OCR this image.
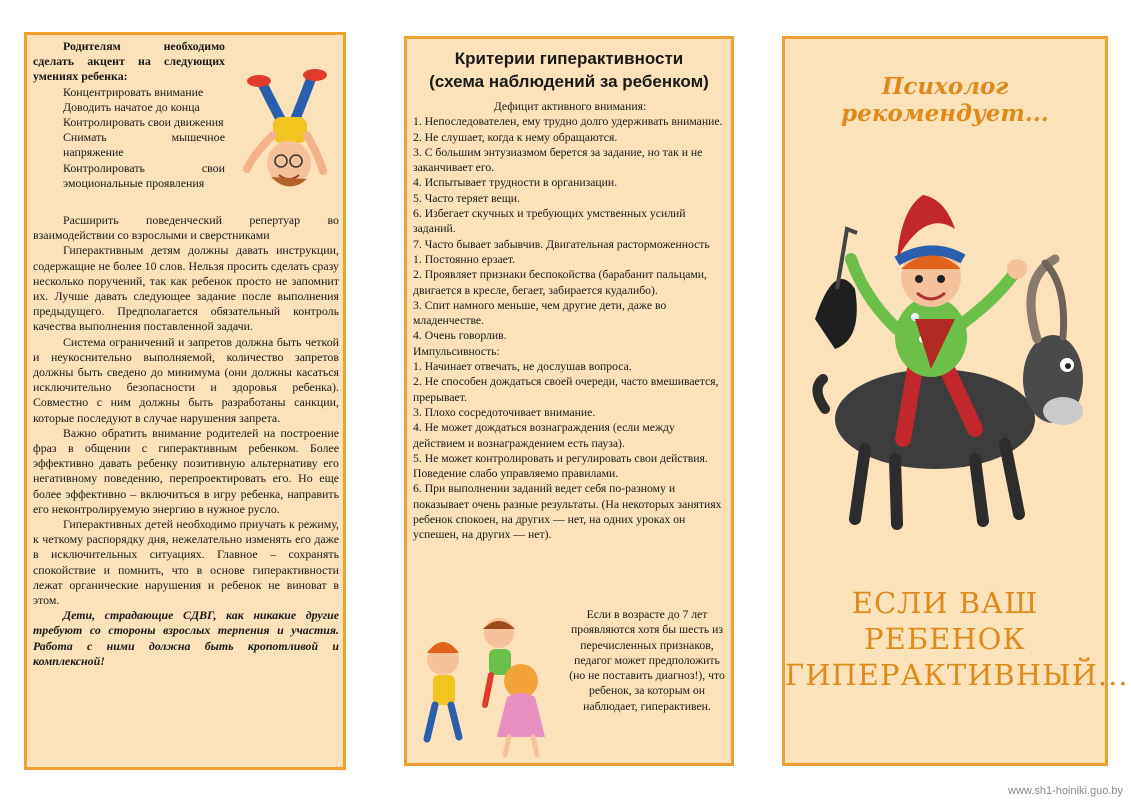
Родителям необходимо сделать акцент на следующих умениях ребенка:

Концентрировать внимание

Доводить начатое до конца

Контролировать свои движения

Снимать мышечное напряжение

Контролировать свои эмоциональные проявления

Расширить поведенческий репертуар во взаимодействии со взрослыми и сверстниками

Гиперактивным детям должны давать инструкции, содержащие не более 10 слов. Нельзя просить сделать сразу несколько поручений, так как ребенок просто не запомнит их. Лучше давать следующее задание после выполнения предыдущего. Предполагается обязательный контроль качества выполнения поставленной задачи.

Система ограничений и запретов должна быть четкой и неукоснительно выполняемой, количество запретов должны быть сведено до минимума (они должны касаться исключительно безопасности и здоровья ребенка). Совместно с ним должны быть разработаны санкции, которые последуют в случае нарушения запрета.

Важно обратить внимание родителей на построение фраз в общении с гиперактивным ребенком. Более эффективно давать ребенку позитивную альтернативу его негативному поведению, перепроектировать его. Но еще более эффективно – включиться в игру ребенка, направить его неконтролируемую энергию в нужное русло.

Гиперактивных детей необходимо приучать к режиму, к четкому распорядку дня, нежелательно изменять его даже в исключительных ситуациях. Главное – сохранять спокойствие и помнить, что в основе гиперактивности лежат органические нарушения и ребенок не виноват в этом.

Дети, страдающие СДВГ, как никакие другие требуют со стороны взрослых терпения и участия. Работа с ними должна быть кропотливой и комплексной!

Критерии гиперактивности
(схема наблюдений за ребенком)
Дефицит активного внимания:
1. Непоследователен, ему трудно долго удерживать внимание.
2. Не слушает, когда к нему обращаются.
3. С большим энтузиазмом берется за задание, но так и не заканчивает его.
4. Испытывает трудности в организации.
5. Часто теряет вещи.
6. Избегает скучных и требующих умственных усилий заданий.
7. Часто бывает забывчив. Двигательная расторможенность
1. Постоянно ерзает.
2. Проявляет признаки беспокойства (барабанит пальцами, двигается в кресле, бегает, забирается кудалибо).
3. Спит намного меньше, чем другие дети, даже во младенчестве.
4. Очень говорлив.
Импульсивность:
1. Начинает отвечать, не дослушав вопроса.
2. Не способен дождаться своей очереди, часто вмешивается, прерывает.
3. Плохо сосредоточивает внимание.
4. Не может дождаться вознаграждения (если между действием и вознаграждением есть пауза).
5. Не может контролировать и регулировать свои действия. Поведение слабо управляемо правилами.
6. При выполнении заданий ведет себя по-разному и показывает очень разные результаты. (На некоторых занятиях ребенок спокоен, на других — нет, на одних уроках он успешен, на других — нет).
Если в возрасте до 7 лет проявляются хотя бы шесть из перечисленных признаков, педагог может предположить (но не поставить диагноз!), что ребенок, за которым он наблюдает, гиперактивен.
Психолог рекомендует...
ЕСЛИ ВАШ
РЕБЕНОК
ГИПЕРАКТИВНЫЙ...
www.sh1-hoiniki.guo.by
